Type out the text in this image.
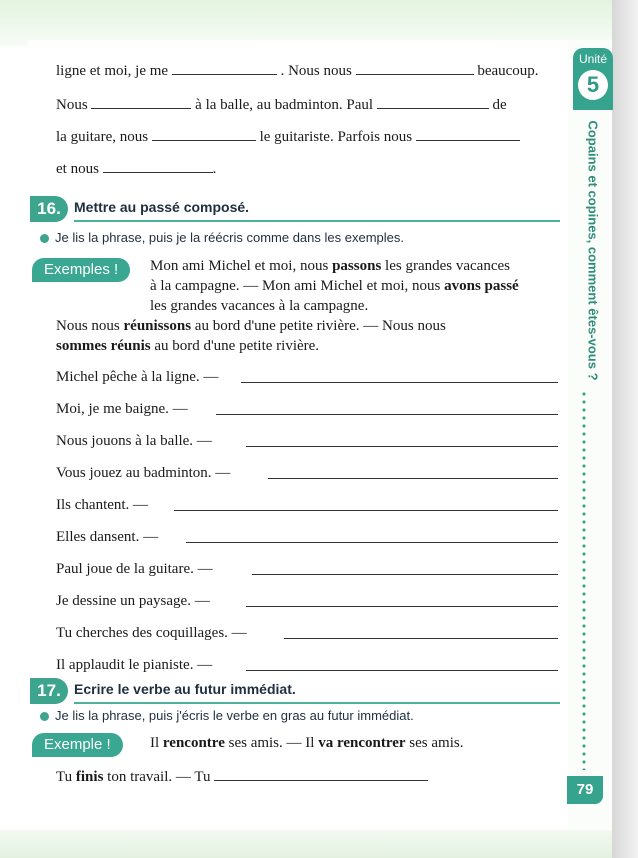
ligne et moi, je me	. Nous nous	beaucoup.
Nous	à la balle, au badminton. Paul	de
la guitare, nous	le guitariste. Parfois nous
et nous	.
16. Mettre au passé composé.
Je lis la phrase, puis je la réécris comme dans les exemples.
Exemples !	Mon ami Michel et moi, nous passons les grandes vacances
à la campagne. — Mon ami Michel et moi, nous avons passé
les grandes vacances à la campagne.
Nous nous réunissons au bord d'une petite rivière. — Nous nous
sommes réunis au bord d'une petite rivière.
Michel pêche à la ligne. —
Moi, je me baigne. —
Nous jouons à la balle. —
Vous jouez au badminton. —
Ils chantent. —
Elles dansent. —
Paul joue de la guitare. —
Je dessine un paysage. —
Tu cherches des coquillages. —
Il applaudit le pianiste. —
17. Ecrire le verbe au futur immédiat.
Je lis la phrase, puis j'écris le verbe en gras au futur immédiat.
Exemple !	Il rencontre ses amis. — Il va rencontrer ses amis.
Tu finis ton travail. — Tu
Unité
5
Copains et copines, comment êtes-vous ?
79
